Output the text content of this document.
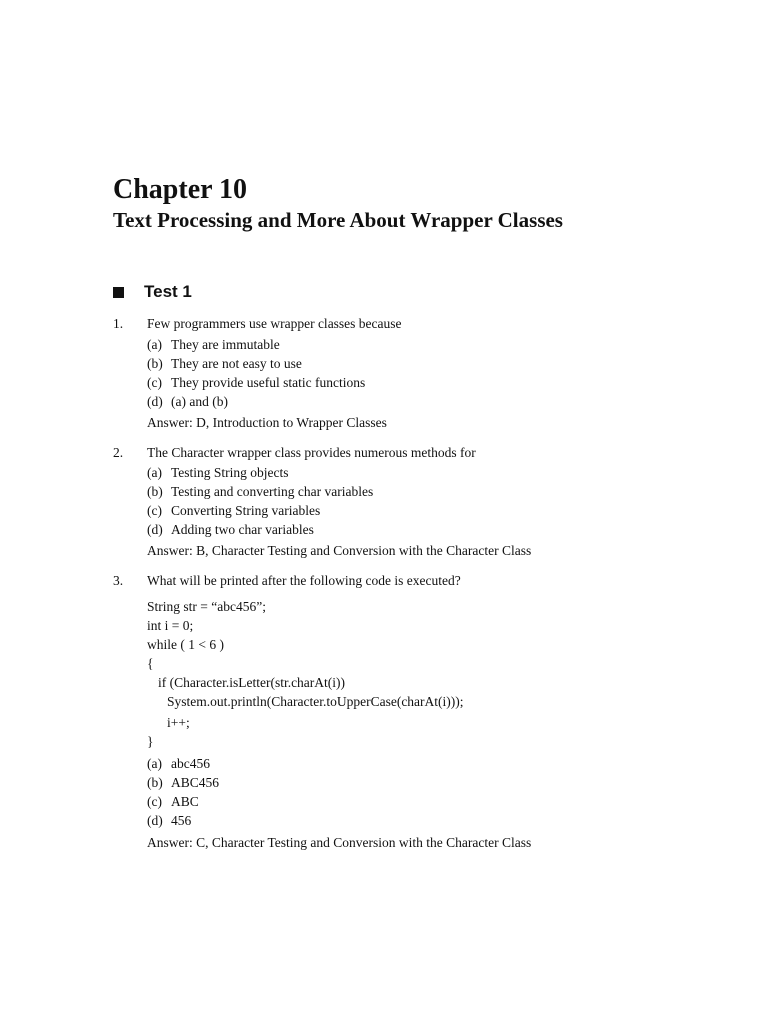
Chapter 10
Text Processing and More About Wrapper Classes
Test 1
1. Few programmers use wrapper classes because
(a) They are immutable
(b) They are not easy to use
(c) They provide useful static functions
(d) (a) and (b)
Answer: D, Introduction to Wrapper Classes
2. The Character wrapper class provides numerous methods for
(a) Testing String objects
(b) Testing and converting char variables
(c) Converting String variables
(d) Adding two char variables
Answer: B, Character Testing and Conversion with the Character Class
3. What will be printed after the following code is executed?
String str = “abc456”;
int i = 0;
while ( 1 < 6 )
{
if (Character.isLetter(str.charAt(i))
System.out.println(Character.toUpperCase(charAt(i)));
i++;
}
(a) abc456
(b) ABC456
(c) ABC
(d) 456
Answer: C, Character Testing and Conversion with the Character Class
